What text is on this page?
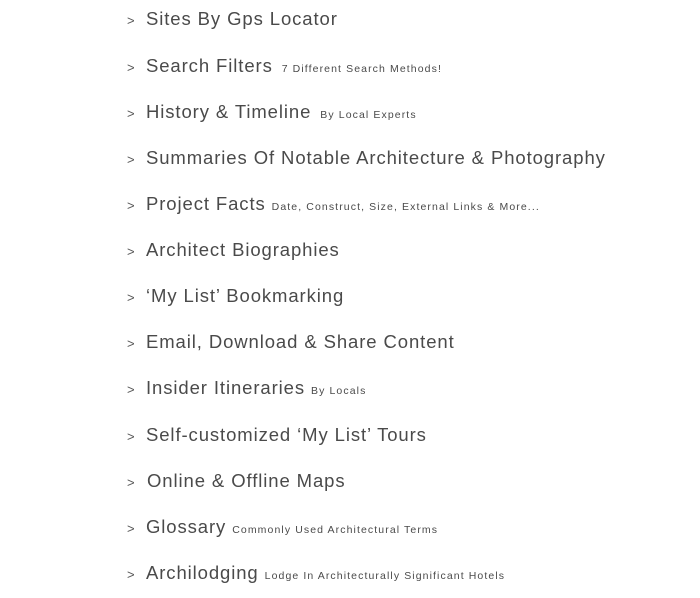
> Sites By Gps Locator
> Search Filters 7 Different Search Methods!
> History & Timeline By Local Experts
> Summaries Of Notable Architecture & Photography
> Project Facts Date, Construct, Size, External Links & More...
> Architect Biographies
> ‘My List’ Bookmarking
> Email, Download & Share Content
> Insider Itineraries By Locals
> Self-customized ‘My List’ Tours
> Online & Offline Maps
> Glossary Commonly Used Architectural Terms
> Archilodging Lodge In Architecturally Significant Hotels
